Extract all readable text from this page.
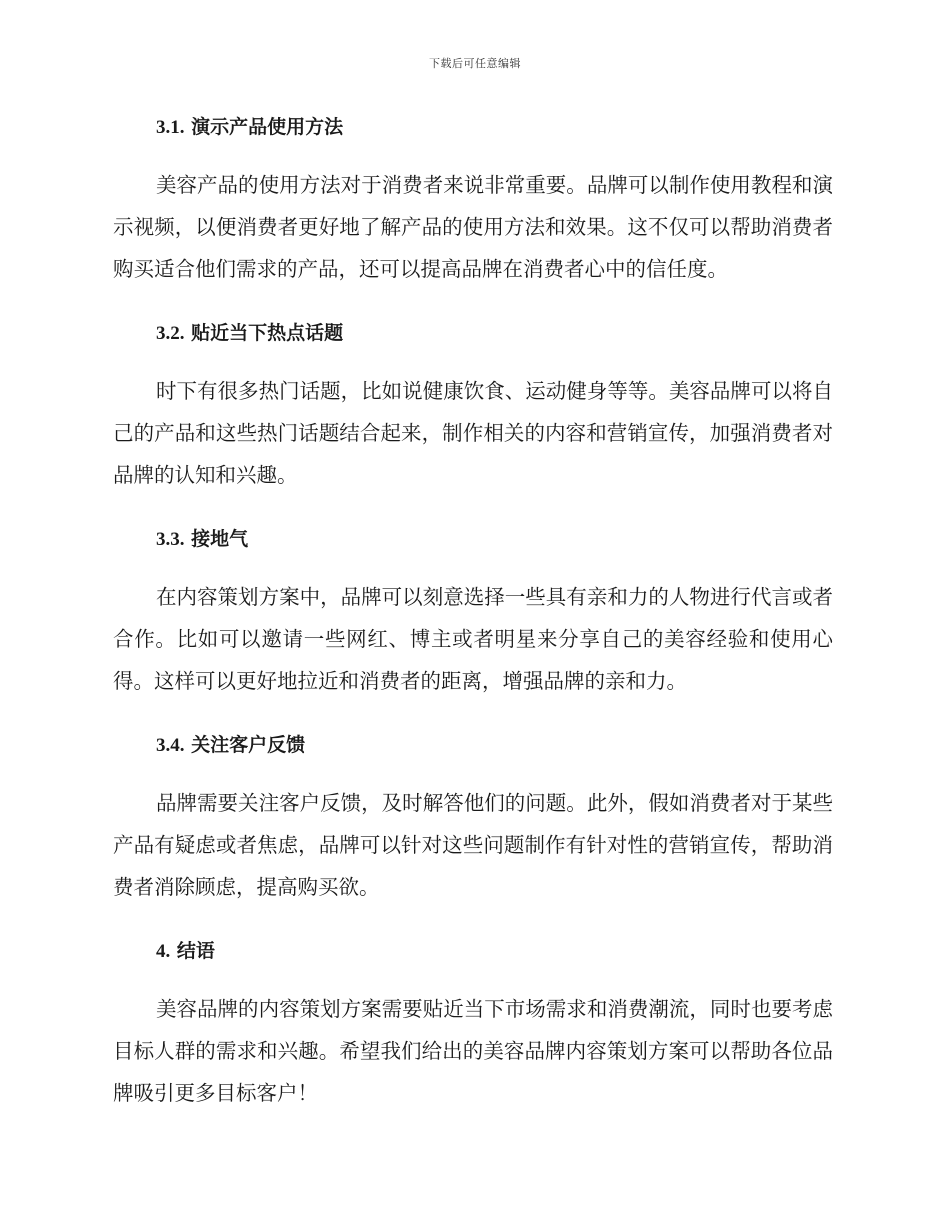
下载后可任意编辑
3.1. 演示产品使用方法

美容产品的使用方法对于消费者来说非常重要。品牌可以制作使用教程和演示视频，以便消费者更好地了解产品的使用方法和效果。这不仅可以帮助消费者购买适合他们需求的产品，还可以提高品牌在消费者心中的信任度。

3.2. 贴近当下热点话题

时下有很多热门话题，比如说健康饮食、运动健身等等。美容品牌可以将自己的产品和这些热门话题结合起来，制作相关的内容和营销宣传，加强消费者对品牌的认知和兴趣。

3.3. 接地气

在内容策划方案中，品牌可以刻意选择一些具有亲和力的人物进行代言或者合作。比如可以邀请一些网红、博主或者明星来分享自己的美容经验和使用心得。这样可以更好地拉近和消费者的距离，增强品牌的亲和力。

3.4. 关注客户反馈

品牌需要关注客户反馈，及时解答他们的问题。此外，假如消费者对于某些产品有疑虑或者焦虑，品牌可以针对这些问题制作有针对性的营销宣传，帮助消费者消除顾虑，提高购买欲。

4. 结语

美容品牌的内容策划方案需要贴近当下市场需求和消费潮流，同时也要考虑目标人群的需求和兴趣。希望我们给出的美容品牌内容策划方案可以帮助各位品牌吸引更多目标客户！
